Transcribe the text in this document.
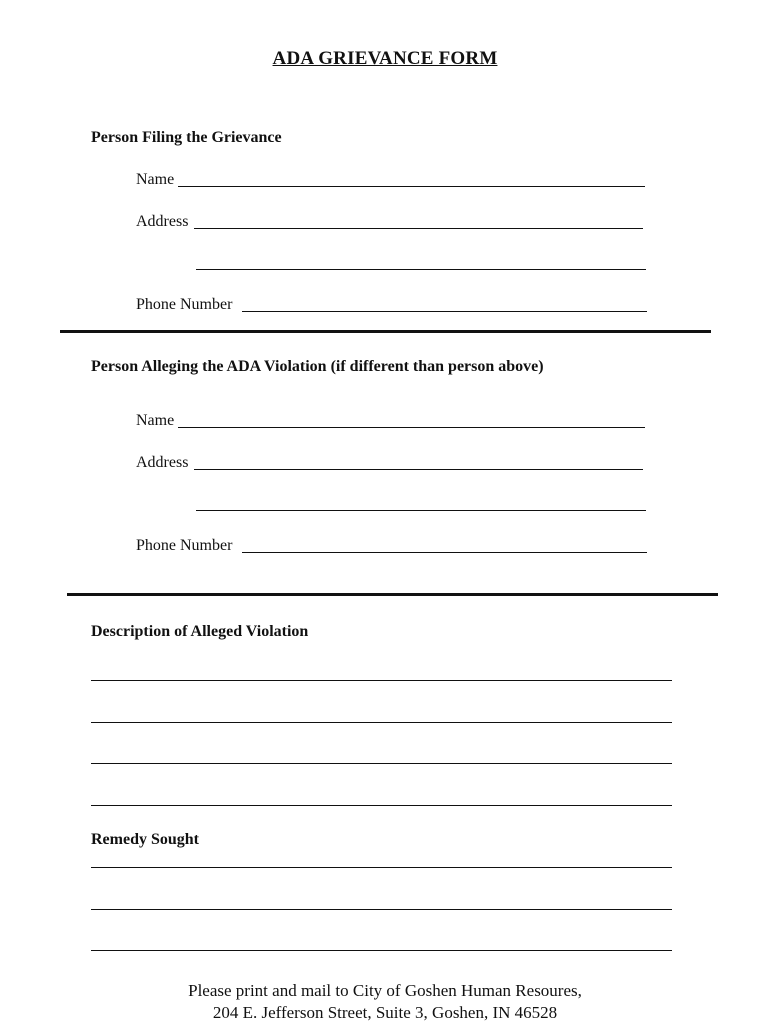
ADA GRIEVANCE FORM
Person Filing the Grievance
Name
Address
Phone Number
Person Alleging the ADA Violation (if different than person above)
Name
Address
Phone Number
Description of Alleged Violation
Remedy Sought
Please print and mail to City of Goshen Human Resoures,
204 E. Jefferson Street, Suite 3, Goshen, IN 46528
